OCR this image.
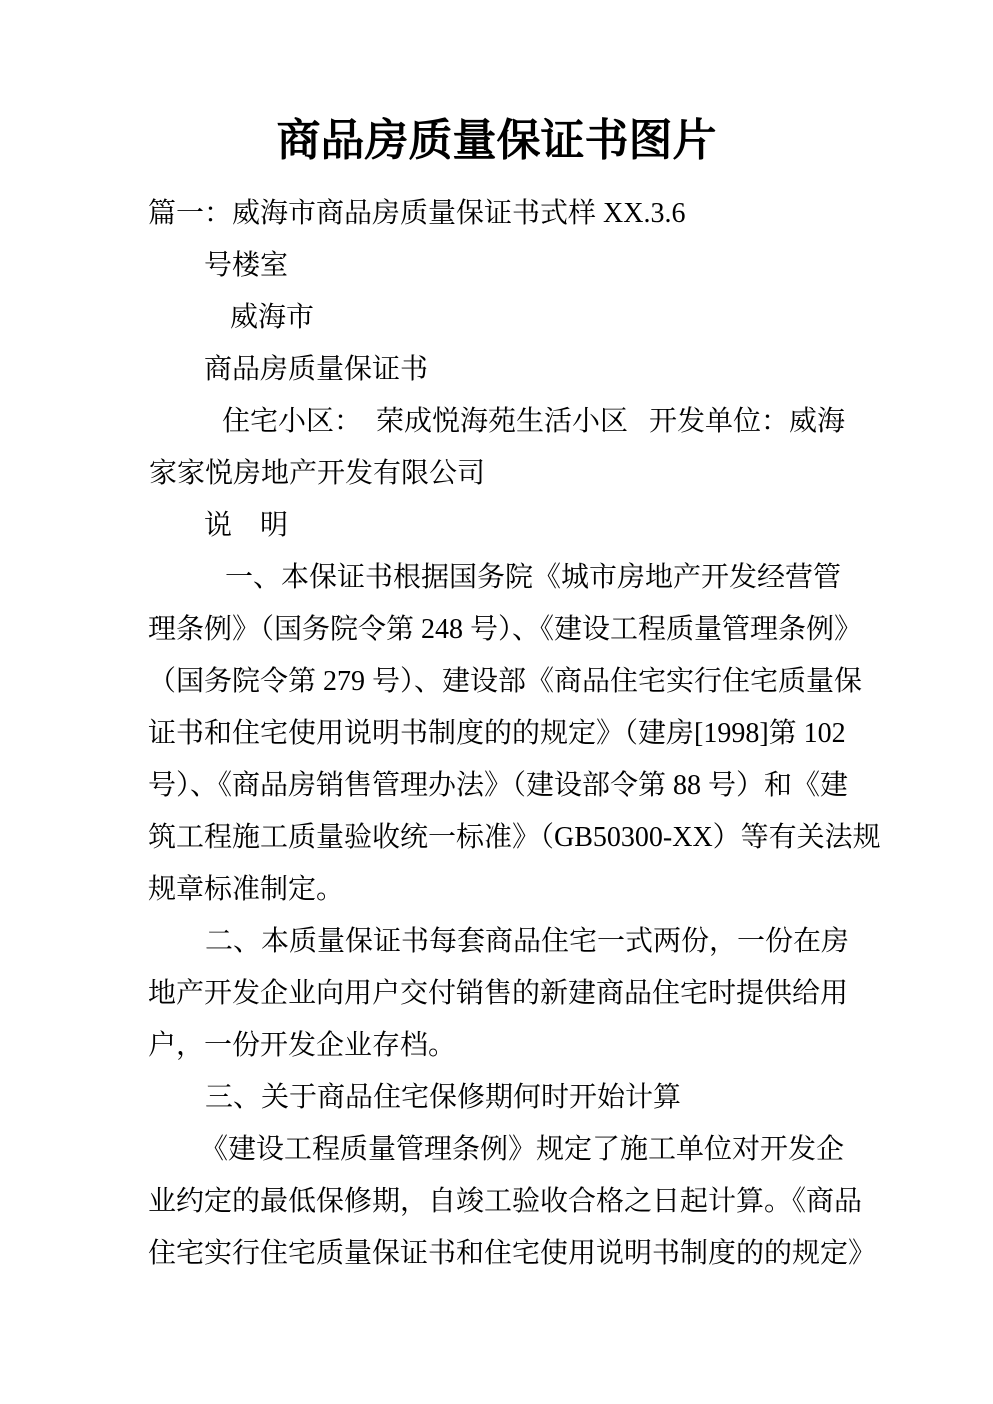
商品房质量保证书图片
篇一：威海市商品房质量保证书式样 XX.3.6
号楼室
威海市
商品房质量保证书
住宅小区：  荣成悦海苑生活小区   开发单位：威海
家家悦房地产开发有限公司
说　明
一、本保证书根据国务院《城市房地产开发经营管
理条例》（国务院令第 248 号）、《建设工程质量管理条例》
（国务院令第 279 号）、建设部《商品住宅实行住宅质量保
证书和住宅使用说明书制度的的规定》（建房[1998]第 102
号）、《商品房销售管理办法》（建设部令第 88 号）和《建
筑工程施工质量验收统一标准》（GB50300-XX）等有关法规
规章标准制定。
二、本质量保证书每套商品住宅一式两份，一份在房
地产开发企业向用户交付销售的新建商品住宅时提供给用
户，一份开发企业存档。
三、关于商品住宅保修期何时开始计算
《建设工程质量管理条例》规定了施工单位对开发企
业约定的最低保修期，自竣工验收合格之日起计算。《商品
住宅实行住宅质量保证书和住宅使用说明书制度的的规定》
